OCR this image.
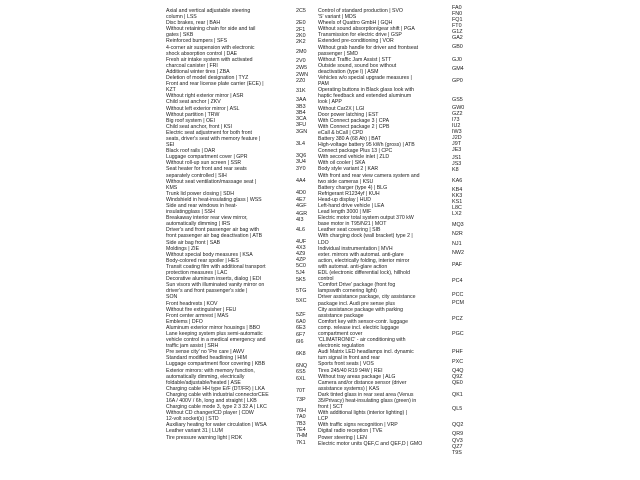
Axial and vertical adjustable steering
column | LSS

Disc brakes, rear | BAH

Without retaining chain for side and tail
gates | SKB

Reinforced bumpers | SFS

4-corner air suspension with electronic
shock absorption control | DAE

Fresh air intake system with activated
charcoal canister | FRI

Additional winter tires | ZBA

Deletion of model designation | TYZ

Front and rear license plate carrier (ECE) |
KZT

Without right exterior mirror | ASR

Child seat anchor | ZKV

Without left exterior mirror | ASL

Without partition | TRW

Big roof system | OEI

Child seat anchor, front | KSI

Electric seat adjustment for both front
seats, driver's seat with memory feature |
SEI

Black roof rails | DAR

Luggage compartment cover | GPR

Without roll-up sun screen | SSR

Seat heater for front and rear seats
separately controlled | SIH

Without seat ventilation/massage seat |
KMS

Trunk lid power closing | SDH

Windshield in heat-insulating glass | WSS

Side and rear windows in heat-
insulatingglass | SSH

Breakaway interior rear view mirror,
automatically dimming | IRS

Driver's and front passenger air bag with
front passenger air bag deactivation | ATB

Side air bag front | SAB

Moldings | ZIE

Without special body measures | KSA

Body-colored rear spoiler | HES

Transit coating film with additional transport
protection measures | LAC

Decorative aluminum inserts, dialog | EDI

Sun visors with illuminated vanity mirror on
driver's and front passenger's side |
SON

Front headrests | KOV

Without fire extinguisher | FEU

Front center armrest | MAS

Emblems | DFO

Aluminum exterior mirror housings | BBO

Lane keeping system plus semi-automatic
vehicle control in a medical emergency and
traffic jam assist | SRH

Pre sense city' no 'Pre care | AWV

Standard modified headlining | HIM

Luggage compartment floor covering | KBB

Exterior mirrors: with memory function,
automatically dimming, electrically
foldable/adjustable/heated | ASE

Charging cable HH type E/F (DT/FR) | LKA

Charging cable with industrial connectorCEE
16A / 400V / 6h, long and straight | LKB

Charging cable mode 3, type 2 3 32 A | LKC

Without CD changer/CD player | CDW

12-volt socket(s) | STD

Auxiliary heating for water circulation | WSA

Leather variant 31 | LUM

Tire pressure warning light | RDK

2C5
2E0
2F1
2K0
2K2
2M0
2V0
2W5
2WN
2Z0
31K
3AA
3B3
3B4
3CA
3FU
3GN
3L4
3Q6
3U4
3Y0
4A4
4D0
4E7
4GF
4GR
4I3
4L6
4UF
4X3
4Z9
4ZP
5C0
5J4
5K5
5TG
5XC
5ZF
6A0
6E3
6F7
6I6
6K8
6NQ
6S5
6XL
70T
73P
76H
7A0
7B3
7E4
7HM
7K1

Control of standard production | SVO

'S' variant | MDS

Wheels of Quattro GmbH | GQH

Without sound absorption/gear shift | PGA

Transmission for electric drive | GSP

Extended pre-conditioning | VOR

Without grab handle for driver and frontseat
passenger | SMD

Without Traffic Jam Assist | STT

Outside sound, sound box without
deactivation (type I) | ASM

Vehicles w/o special upgrade measures |
PAM

Operating buttons in Black glass look with
haptic feedback and extended aluminum
look | APP

Without Car2X | LGI

Door power latching | EST

With Connect package 3 | CPA

With Connect package 2 | CPB

eCall & bCall | CPD

Battery 380 A (68 Ah) | BAT

High-voltage battery 95 kWh (gross) | ATB

Connect package Plus 13 | CPC

With second vehicle inlet | ZLD

With oil cooler | SKA

Body style variant 2 | KAR

With front and rear view camera system and
two side cameras | KSU

Battery charger (type 4) | BLG

Refrigerant R1234yf | KUH

Head-up display | HUD

Left-hand drive vehicle | LEA

Lead length 3000 | MIF

Electric motor total system output 370 kW
base motor in T95/N21 | MOT

Leather seat covering | SIB

With charging dock (wall bracket) type 2 |
LDO

Individual instrumentation | MVH

exter. mirrors with automat. anti-glare
action, electrically folding, interior mirror
with automat. anti-glare action

EDL (electronic differential lock), hillhold
control

'Comfort Drive' package (front fog
lampswith cornering light)

Driver assistance package, city assistance
package incl. Audi pre sense plus

City assistance package with parking
assistance package

Comfort key with sensor-contr. luggage
comp. release incl. electric luggage
compartment cover

'CLIMATRONIC' - air conditioning with
electronic regulation

Audi Matrix LED headlamps incl. dynamic
turn signal in front and rear

Sports front seats | VOS

Tires 245/40 R19 94W | REI

Without tray areas package | ALG

Camera and/or distance sensor (driver
assistance systems) | KAS

Dark tinted glass in rear seat area (Venus
35/Privacy) heat-insulating glass (green) in
front | SCT

With additional lights (interior lighting) |
LCP

With traffic signs recognition | VRP

Digital radio reception | TVE

Power steering | LEN

Electric motor units QEF,C and QEF,D | GMO

FA0
FN0
FQ1
FT0
G1Z
GA2
GB0
GJ0
GM4
GP0
GS5
GW0
GZ2
I73
IU2
IW3
J2D
J9T
JE3
JS1
JS3
K8
KA6
KB4
KK3
KS1
L8C
LX2
MQ3
N2R
NJ1
NW2
PAF
PC4
PCC
PCM
PCZ
PGC
PHF
PXC
Q4Q
Q9Z
QE0
QK1
QL5
QQ2
QR9
QV3
QZ7
T9S
